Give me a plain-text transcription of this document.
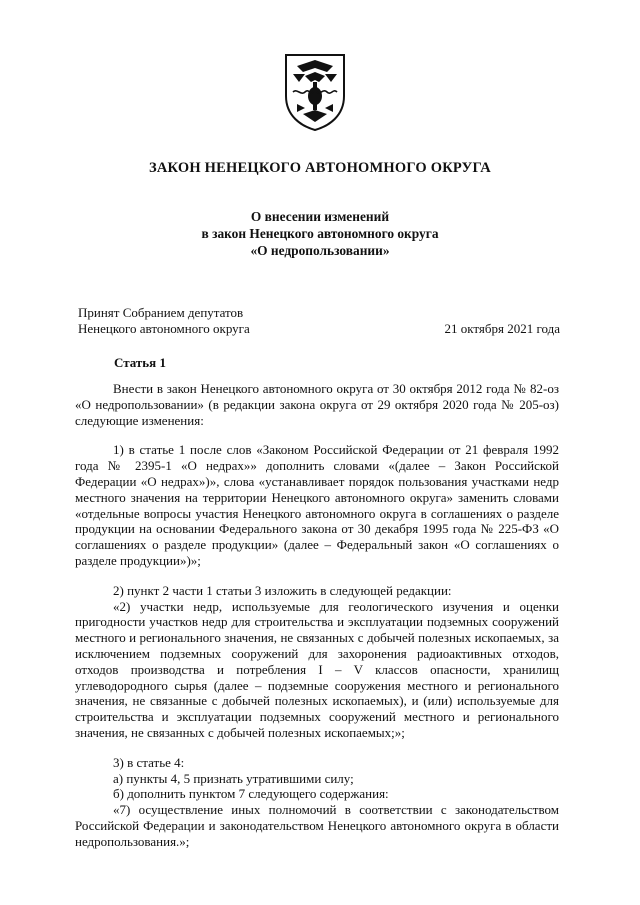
ЗАКОН НЕНЕЦКОГО АВТОНОМНОГО ОКРУГА
О внесении изменений
в закон Ненецкого автономного округа
«О недропользовании»
Принят Собранием депутатов
Ненецкого автономного округа	21 октября 2021 года
Статья 1

Внести в закон Ненецкого автономного округа от 30 октября 2012 года № 82-оз «О недропользовании» (в редакции закона округа от 29 октября 2020 года № 205-оз) следующие изменения:

1) в статье 1 после слов «Законом Российской Федерации от 21 февраля 1992 года № 2395-1 «О недрах»» дополнить словами «(далее – Закон Российской Федерации «О недрах»)», слова «устанавливает порядок пользования участками недр местного значения на территории Ненецкого автономного округа» заменить словами «отдельные вопросы участия Ненецкого автономного округа в соглашениях о разделе продукции на основании Федерального закона от 30 декабря 1995 года № 225-ФЗ «О соглашениях о разделе продукции» (далее – Федеральный закон «О соглашениях о разделе продукции»)»;

2) пункт 2 части 1 статьи 3 изложить в следующей редакции:

«2) участки недр, используемые для геологического изучения и оценки пригодности участков недр для строительства и эксплуатации подземных сооружений местного и регионального значения, не связанных с добычей полезных ископаемых, за исключением подземных сооружений для захоронения радиоактивных отходов, отходов производства и потребления I – V классов опасности, хранилищ углеводородного сырья (далее – подземные сооружения местного и регионального значения, не связанные с добычей полезных ископаемых), и (или) используемые для строительства и эксплуатации подземных сооружений местного и регионального значения, не связанных с добычей полезных ископаемых;»;

3) в статье 4:

а) пункты 4, 5 признать утратившими силу;

б) дополнить пунктом 7 следующего содержания:

«7) осуществление иных полномочий в соответствии с законодательством Российской Федерации и законодательством Ненецкого автономного округа в области недропользования.»;
